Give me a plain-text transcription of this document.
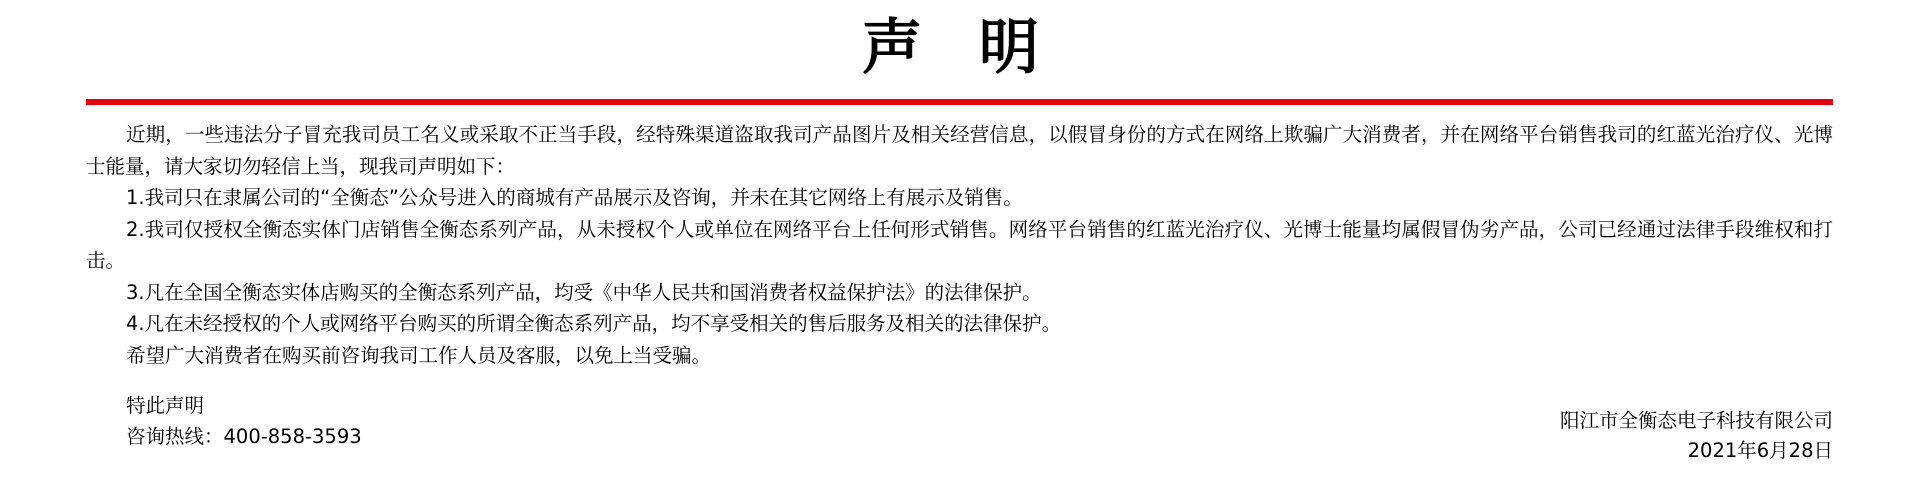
声 明

近期，一些违法分子冒充我司员工名义或采取不正当手段，经特殊渠道盗取我司产品图片及相关经营信息，以假冒身份的方式在网络上欺骗广大消费者，并在网络平台销售我司的红蓝光治疗仪、光博士能量，请大家切勿轻信上当，现我司声明如下：

1.我司只在隶属公司的“全衡态”公众号进入的商城有产品展示及咨询，并未在其它网络上有展示及销售。

2.我司仅授权全衡态实体门店销售全衡态系列产品，从未授权个人或单位在网络平台上任何形式销售。网络平台销售的红蓝光治疗仪、光博士能量均属假冒伪劣产品，公司已经通过法律手段维权和打击。

3.凡在全国全衡态实体店购买的全衡态系列产品，均受《中华人民共和国消费者权益保护法》的法律保护。

4.凡在未经授权的个人或网络平台购买的所谓全衡态系列产品，均不享受相关的售后服务及相关的法律保护。

希望广大消费者在购买前咨询我司工作人员及客服，以免上当受骗。

特此声明
咨询热线：400-858-3593
阳江市全衡态电子科技有限公司
2021年6月28日
